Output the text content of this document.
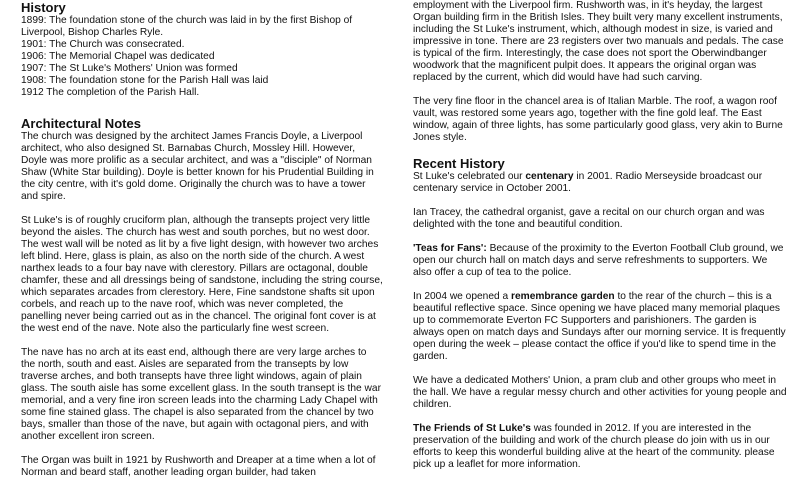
History

1899: The foundation stone of the church was laid in by the first Bishop of Liverpool, Bishop Charles Ryle.

1901: The Church was consecrated.

1906: The Memorial Chapel was dedicated

1907: The St Luke's Mothers' Union was formed

1908: The foundation stone for the Parish Hall was laid

1912 The completion of the Parish Hall.

Architectural Notes

The church was designed by the architect James Francis Doyle, a Liverpool architect, who also designed St. Barnabas Church, Mossley Hill. However, Doyle was more prolific as a secular architect, and was a "disciple" of Norman Shaw (White Star building). Doyle is better known for his Prudential Building in the city centre, with it's gold dome. Originally the church was to have a tower and spire.

St Luke's is of roughly cruciform plan, although the transepts project very little beyond the aisles. The church has west and south porches, but no west door. The west wall will be noted as lit by a five light design, with however two arches left blind. Here, glass is plain, as also on the north side of the church. A west narthex leads to a four bay nave with clerestory. Pillars are octagonal, double chamfer, these and all dressings being of sandstone, including the string course, which separates arcades from clerestory. Here, Fine sandstone shafts sit upon corbels, and reach up to the nave roof, which was never completed, the panelling never being carried out as in the chancel. The original font cover is at the west end of the nave. Note also the particularly fine west screen.

The nave has no arch at its east end, although there are very large arches to the north, south and east. Aisles are separated from the transepts by low traverse arches, and both transepts have three light windows, again of plain glass. The south aisle has some excellent glass. In the south transept is the war memorial, and a very fine iron screen leads into the charming Lady Chapel with some fine stained glass. The chapel is also separated from the chancel by two bays, smaller than those of the nave, but again with octagonal piers, and with another excellent iron screen.

The Organ was built in 1921 by Rushworth and Dreaper at a time when a lot of Norman and beard staff, another leading organ builder, had taken

employment with the Liverpool firm. Rushworth was, in it's heyday, the largest Organ building firm in the British Isles. They built very many excellent instruments, including the St Luke's instrument, which, although modest in size, is varied and impressive in tone. There are 23 registers over two manuals and pedals. The case is typical of the firm. Interestingly, the case does not sport the Oberwindbanger woodwork that the magnificent pulpit does. It appears the original organ was replaced by the current, which did would have had such carving.

The very fine floor in the chancel area is of Italian Marble. The roof, a wagon roof vault, was restored some years ago, together with the fine gold leaf. The East window, again of three lights, has some particularly good glass, very akin to Burne Jones style.

Recent History

St Luke's celebrated our centenary in 2001. Radio Merseyside broadcast our centenary service in October 2001.

Ian Tracey, the cathedral organist, gave a recital on our church organ and was delighted with the tone and beautiful condition.

'Teas for Fans': Because of the proximity to the Everton Football Club ground, we open our church hall on match days and serve refreshments to supporters. We also offer a cup of tea to the police.

In 2004 we opened a remembrance garden to the rear of the church – this is a beautiful reflective space. Since opening we have placed many memorial plaques up to commemorate Everton FC Supporters and parishioners. The garden is always open on match days and Sundays after our morning service. It is frequently open during the week – please contact the office if you'd like to spend time in the garden.

We have a dedicated Mothers' Union, a pram club and other groups who meet in the hall. We have a regular messy church and other activities for young people and children.

The Friends of St Luke's was founded in 2012. If you are interested in the preservation of the building and work of the church please do join with us in our efforts to keep this wonderful building alive at the heart of the community. please pick up a leaflet for more information.
